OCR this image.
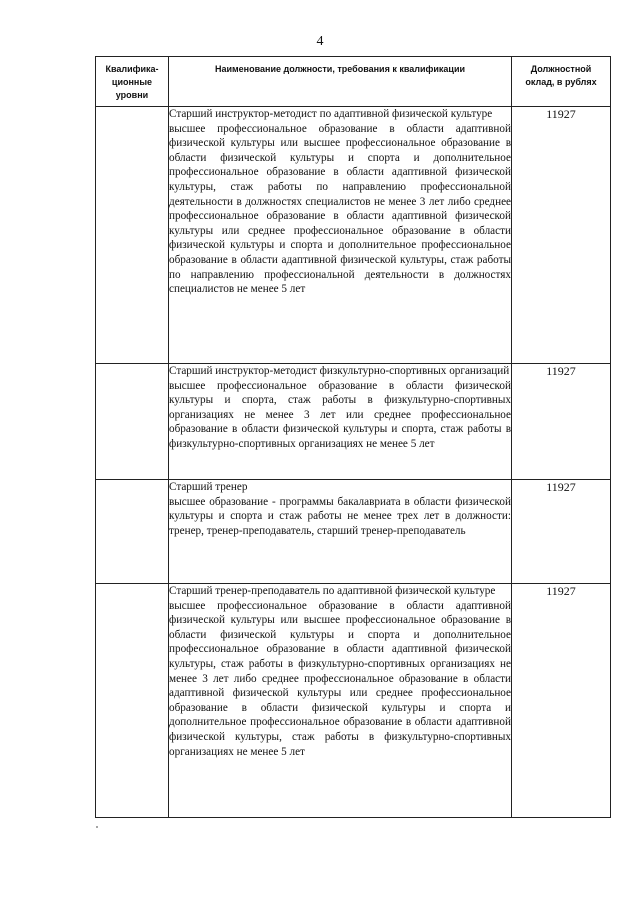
4
Квалифика-ционные уровни	Наименование должности, требования к квалификации	Должностной оклад, в рублях

	Старший инструктор-методист по адаптивной физической культуре
высшее профессиональное образование в области адаптивной физической культуры или высшее профессиональное образование в области физической культуры и спорта и дополнительное профессиональное образование в области адаптивной физической культуры, стаж работы по направлению профессиональной деятельности в должностях специалистов не менее 3 лет либо среднее профессиональное образование в области адаптивной физической культуры или среднее профессиональное образование в области физической культуры и спорта и дополнительное профессиональное образование в области адаптивной физической культуры, стаж работы по направлению профессиональной деятельности в должностях специалистов не менее 5 лет	11927

	Старший инструктор-методист физкультурно-спортивных организаций
высшее профессиональное образование в области физической культуры и спорта, стаж работы в физкультурно-спортивных организациях не менее 3 лет или среднее профессиональное образование в области физической культуры и спорта, стаж работы в физкультурно-спортивных организациях не менее 5 лет	11927

	Старший тренер
высшее образование - программы бакалавриата в области физической культуры и спорта и стаж работы не менее трех лет в должности: тренер, тренер-преподаватель, старший тренер-преподаватель	11927

	Старший тренер-преподаватель по адаптивной физической культуре
высшее профессиональное образование в области адаптивной физической культуры или высшее профессиональное образование в области физической культуры и спорта и дополнительное профессиональное образование в области адаптивной физической культуры, стаж работы в физкультурно-спортивных организациях не менее 3 лет либо среднее профессиональное образование в области адаптивной физической культуры или среднее профессиональное образование в области физической культуры и спорта и дополнительное профессиональное образование в области адаптивной физической культуры, стаж работы в физкультурно-спортивных организациях не менее 5 лет	11927
